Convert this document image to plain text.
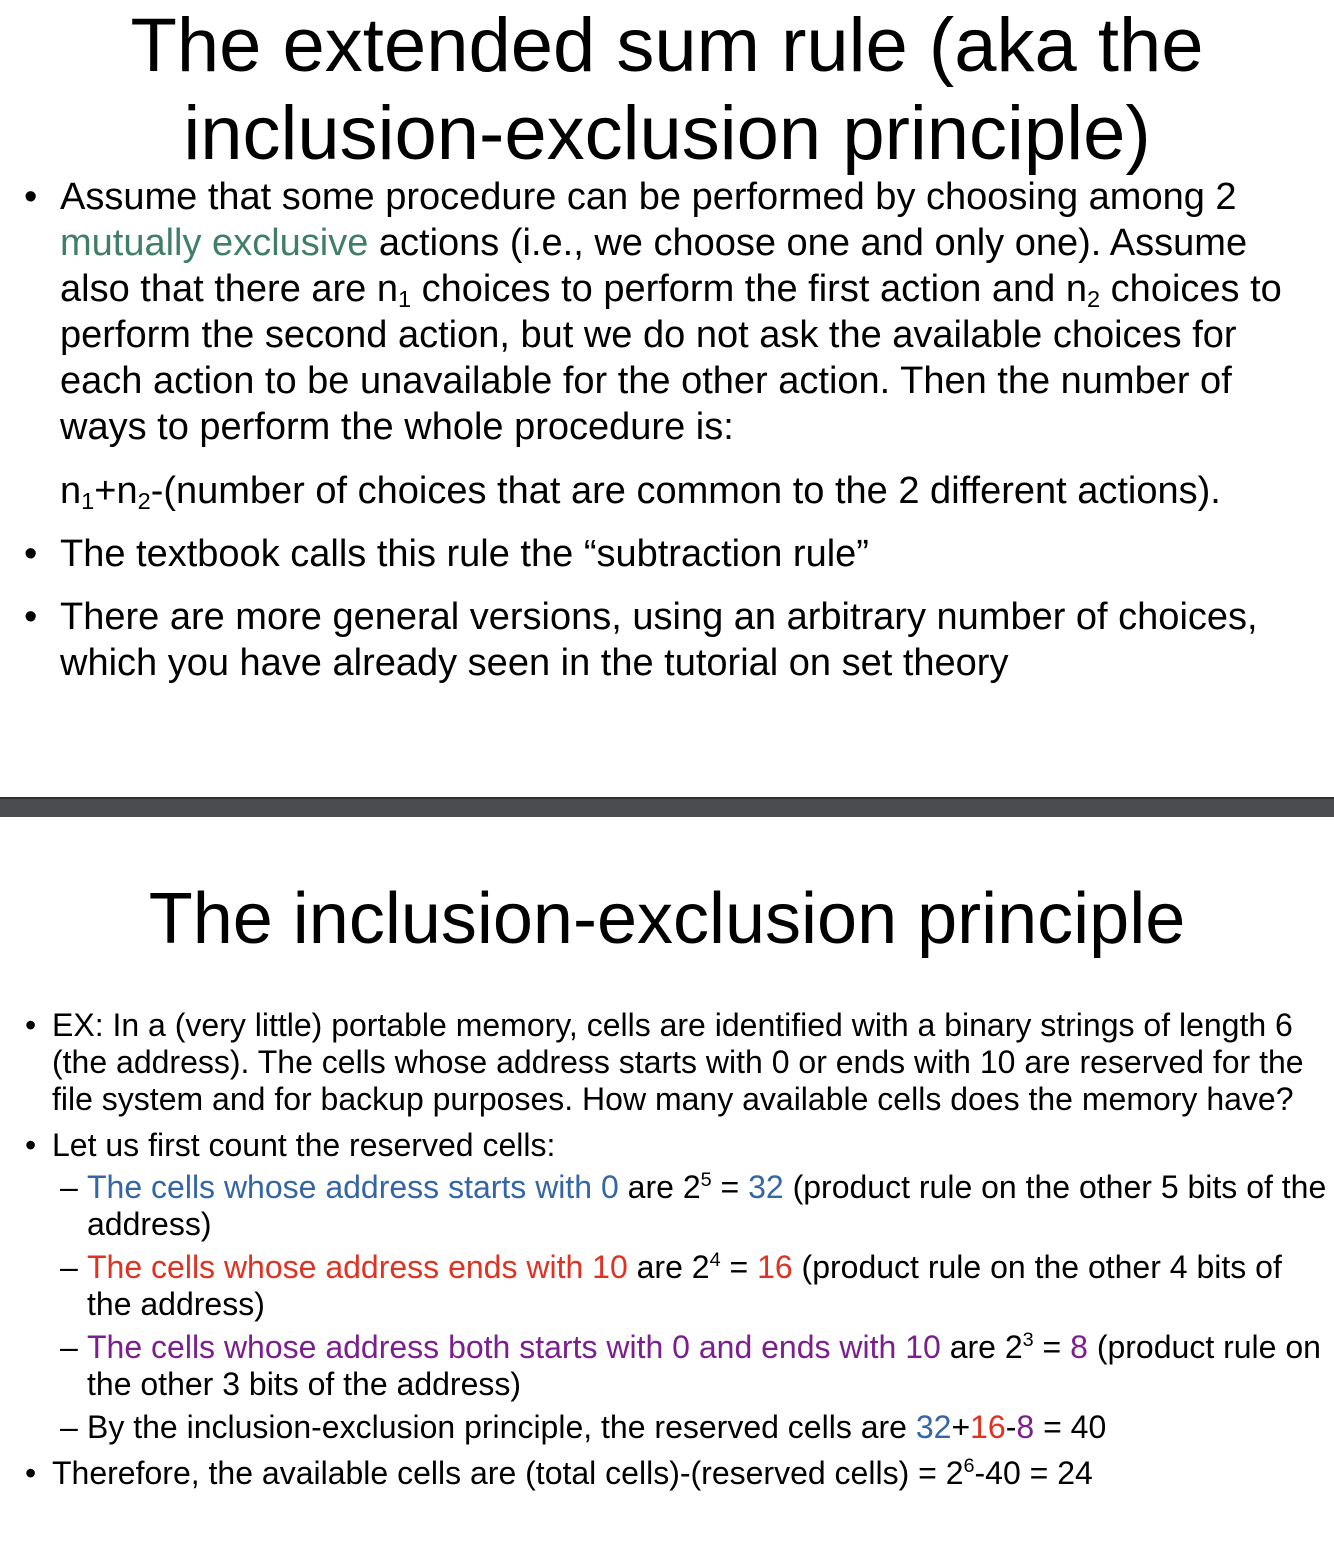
The extended sum rule (aka the inclusion-exclusion principle)
• Assume that some procedure can be performed by choosing among 2 mutually exclusive actions (i.e., we choose one and only one). Assume also that there are $n_1$ choices to perform the first action and $n_2$ choices to perform the second action, but we do not ask the available choices for each action to be unavailable for the other action. Then the number of ways to perform the whole procedure is:

$n_1+n_2-(number$ of choices that are common to the 2 different actions).
• The textbook calls this rule the “subtraction rule”

• There are more general versions, using an arbitrary number of choices, which you have already seen in the tutorial on set theory

The inclusion-exclusion principle
• EX: In a (very little) portable memory, cells are identified with a binary strings of length 6 (the address). The cells whose address starts with 0 or ends with 10 are reserved for the file system and for backup purposes. How many available cells does the memory have?
• Let us first count the reserved cells:
– The cells whose address starts with 0 are $2^5 = 32$ (product rule on the other 5 bits of the address)
– The cells whose address ends with 10 are $2^4 = 16$ (product rule on the other 4 bits of the address)
– The cells whose address both starts with 0 and ends with 10 are $2^3 = 8$ (product rule on the other 3 bits of the address)
– By the inclusion-exclusion principle, the reserved cells are 32+16-8 = 40
• Therefore, the available cells are (total cells)-(reserved cells) = $2^6-40 = 24$
